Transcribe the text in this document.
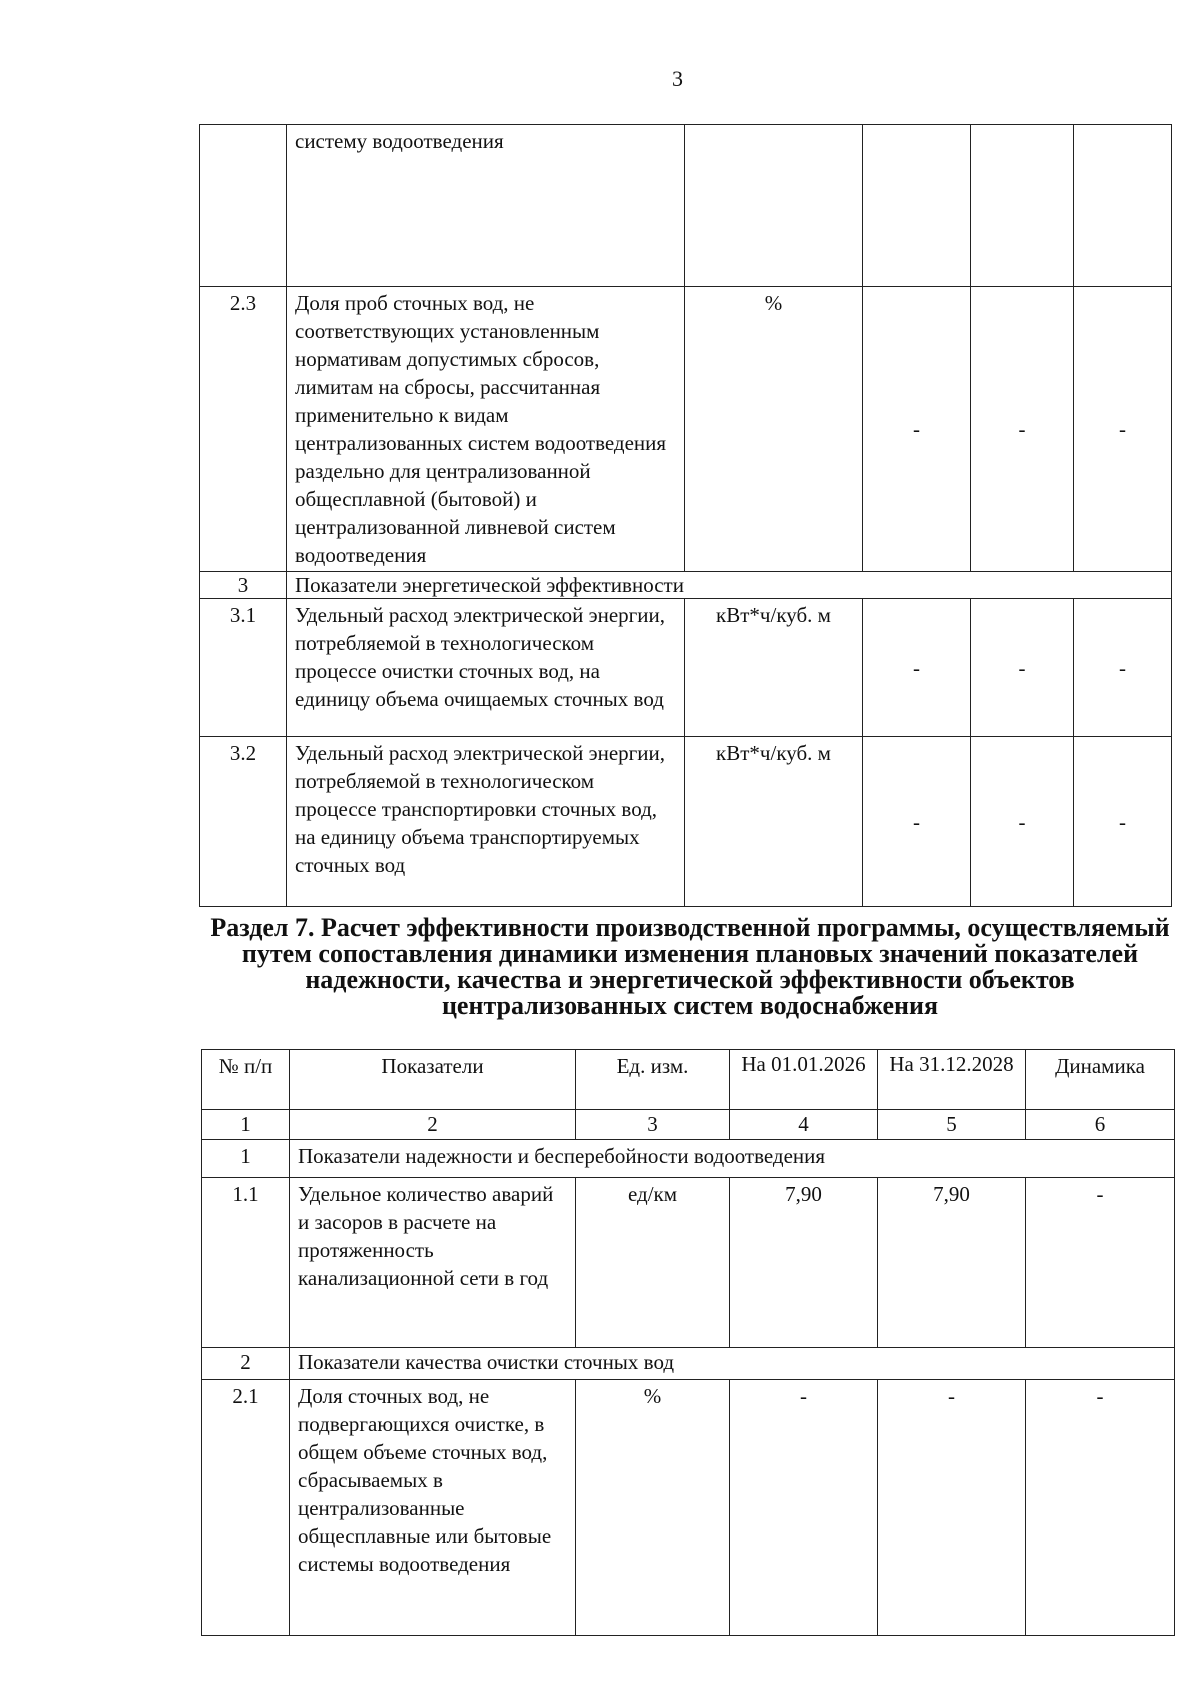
3
	систему водоотведения				
2.3	Доля проб сточных вод, не соответствующих установленным нормативам допустимых сбросов, лимитам на сбросы, рассчитанная применительно к видам централизованных систем водоотведения раздельно для централизованной общесплавной (бытовой) и централизованной ливневой систем водоотведения	%	-	-	-
3	Показатели энергетической эффективности				
3.1	Удельный расход электрической энергии, потребляемой в технологическом процессе очистки сточных вод, на единицу объема очищаемых сточных вод	кВт*ч/куб. м	-	-	-
3.2	Удельный расход электрической энергии, потребляемой в технологическом процессе транспортировки сточных вод, на единицу объема транспортируемых сточных вод	кВт*ч/куб. м	-	-	-
Раздел 7. Расчет эффективности производственной программы, осуществляемый путем сопоставления динамики изменения плановых значений показателей надежности, качества и энергетической эффективности объектов централизованных систем водоснабжения
№ п/п	Показатели	Ед. изм.	На 01.01.2026	На 31.12.2028	Динамика
1	2	3	4	5	6
1	Показатели надежности и бесперебойности водоотведения				
1.1	Удельное количество аварий и засоров в расчете на протяженность канализационной сети в год	ед/км	7,90	7,90	-
2	Показатели качества очистки сточных вод				
2.1	Доля сточных вод, не подвергающихся очистке, в общем объеме сточных вод, сбрасываемых в централизованные общесплавные или бытовые системы водоотведения	%	-	-	-
